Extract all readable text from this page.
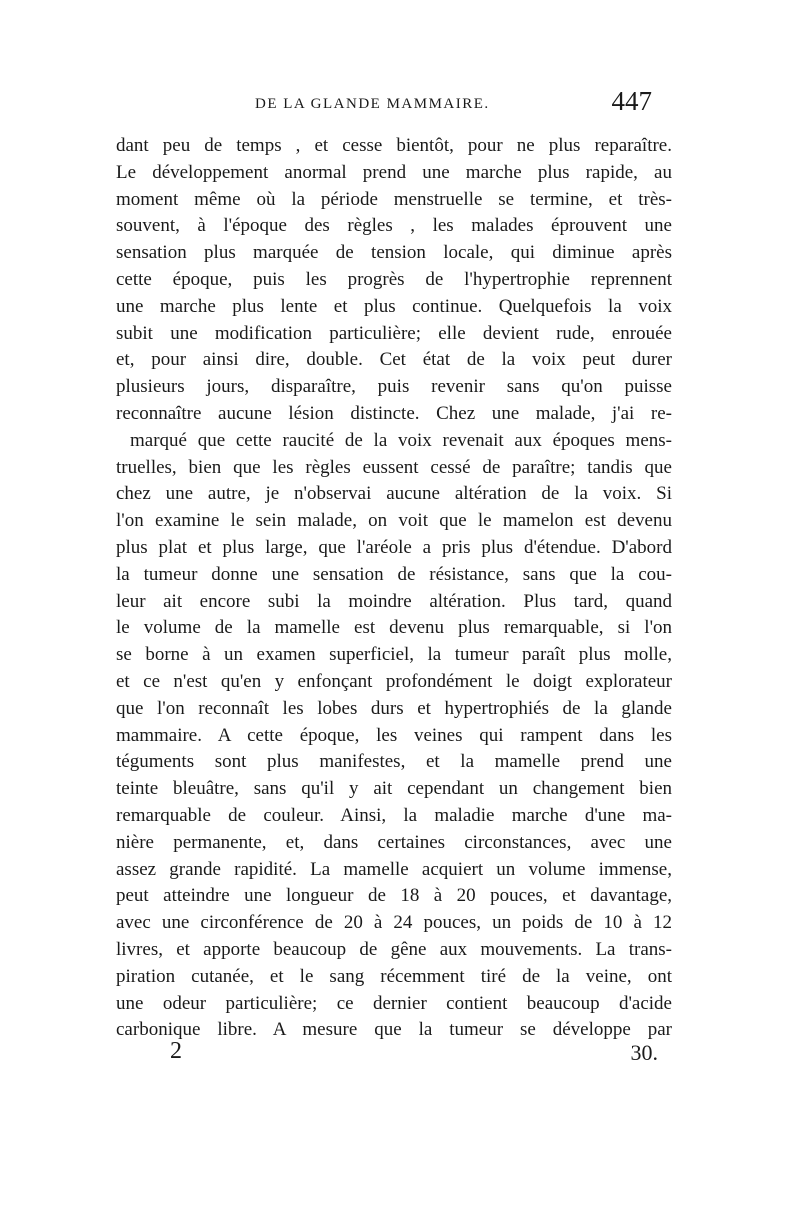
DE LA GLANDE MAMMAIRE.	447
dant peu de temps , et cesse bientôt, pour ne plus reparaître.
Le développement anormal prend une marche plus rapide, au
moment même où la période menstruelle se termine, et très-
souvent, à l'époque des règles , les malades éprouvent une
sensation plus marquée de tension locale, qui diminue après
cette époque, puis les progrès de l'hypertrophie reprennent
une marche plus lente et plus continue. Quelquefois la voix
subit une modification particulière; elle devient rude, enrouée
et, pour ainsi dire, double. Cet état de la voix peut durer
plusieurs jours, disparaître, puis revenir sans qu'on puisse
reconnaître aucune lésion distincte. Chez une malade, j'ai re-
marqué que cette raucité de la voix revenait aux époques mens-
truelles, bien que les règles eussent cessé de paraître; tandis que
chez une autre, je n'observai aucune altération de la voix. Si
l'on examine le sein malade, on voit que le mamelon est devenu
plus plat et plus large, que l'aréole a pris plus d'étendue. D'abord
la tumeur donne une sensation de résistance, sans que la cou-
leur ait encore subi la moindre altération. Plus tard, quand
le volume de la mamelle est devenu plus remarquable, si l'on
se borne à un examen superficiel, la tumeur paraît plus molle,
et ce n'est qu'en y enfonçant profondément le doigt explorateur
que l'on reconnaît les lobes durs et hypertrophiés de la glande
mammaire. A cette époque, les veines qui rampent dans les
téguments sont plus manifestes, et la mamelle prend une
teinte bleuâtre, sans qu'il y ait cependant un changement bien
remarquable de couleur. Ainsi, la maladie marche d'une ma-
nière permanente, et, dans certaines circonstances, avec une
assez grande rapidité. La mamelle acquiert un volume immense,
peut atteindre une longueur de 18 à 20 pouces, et davantage,
avec une circonférence de 20 à 24 pouces, un poids de 10 à 12
livres, et apporte beaucoup de gêne aux mouvements. La trans-
piration cutanée, et le sang récemment tiré de la veine, ont
une odeur particulière; ce dernier contient beaucoup d'acide
carbonique libre. A mesure que la tumeur se développe par
2	30.
